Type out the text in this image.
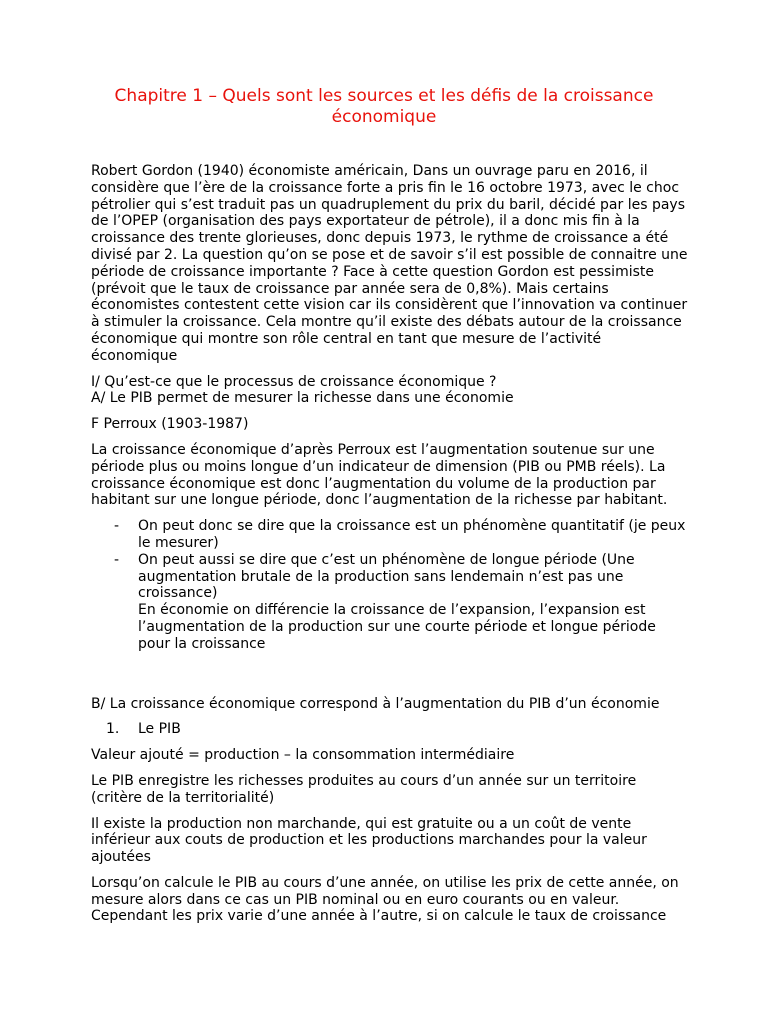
Chapitre 1 – Quels sont les sources et les défis de la croissance économique

Robert Gordon (1940) économiste américain, Dans un ouvrage paru en 2016, il considère que l’ère de la croissance forte a pris fin le 16 octobre 1973, avec le choc pétrolier qui s’est traduit pas un quadruplement du prix du baril, décidé par les pays de l’OPEP (organisation des pays exportateur de pétrole), il a donc mis fin à la croissance des trente glorieuses, donc depuis 1973, le rythme de croissance a été divisé par 2. La question qu’on se pose et de savoir s’il est possible de connaitre une période de croissance importante ? Face à cette question Gordon est pessimiste (prévoit que le taux de croissance par année sera de 0,8%). Mais certains économistes contestent cette vision car ils considèrent que l’innovation va continuer à stimuler la croissance. Cela montre qu’il existe des débats autour de la croissance économique qui montre son rôle central en tant que mesure de l’activité économique

I/ Qu’est-ce que le processus de croissance économique ?
A/ Le PIB permet de mesurer la richesse dans une économie

F Perroux (1903-1987)

La croissance économique d’après Perroux est l’augmentation soutenue sur une période plus ou moins longue d’un indicateur de dimension (PIB ou PMB réels). La croissance économique est donc l’augmentation du volume de la production par habitant sur une longue période, donc l’augmentation de la richesse par habitant.

- On peut donc se dire que la croissance est un phénomène quantitatif (je peux le mesurer)
- On peut aussi se dire que c’est un phénomène de longue période (Une augmentation brutale de la production sans lendemain n’est pas une croissance)
En économie on différencie la croissance de l’expansion, l’expansion est l’augmentation de la production sur une courte période et longue période pour la croissance

B/ La croissance économique correspond à l’augmentation du PIB d’un économie

1. Le PIB

Valeur ajouté = production – la consommation intermédiaire

Le PIB enregistre les richesses produites au cours d’un année sur un territoire (critère de la territorialité)

Il existe la production non marchande, qui est gratuite ou a un coût de vente inférieur aux couts de production et les productions marchandes pour la valeur ajoutées

Lorsqu’on calcule le PIB au cours d’une année, on utilise les prix de cette année, on mesure alors dans ce cas un PIB nominal ou en euro courants ou en valeur. Cependant les prix varie d’une année à l’autre, si on calcule le taux de croissance
